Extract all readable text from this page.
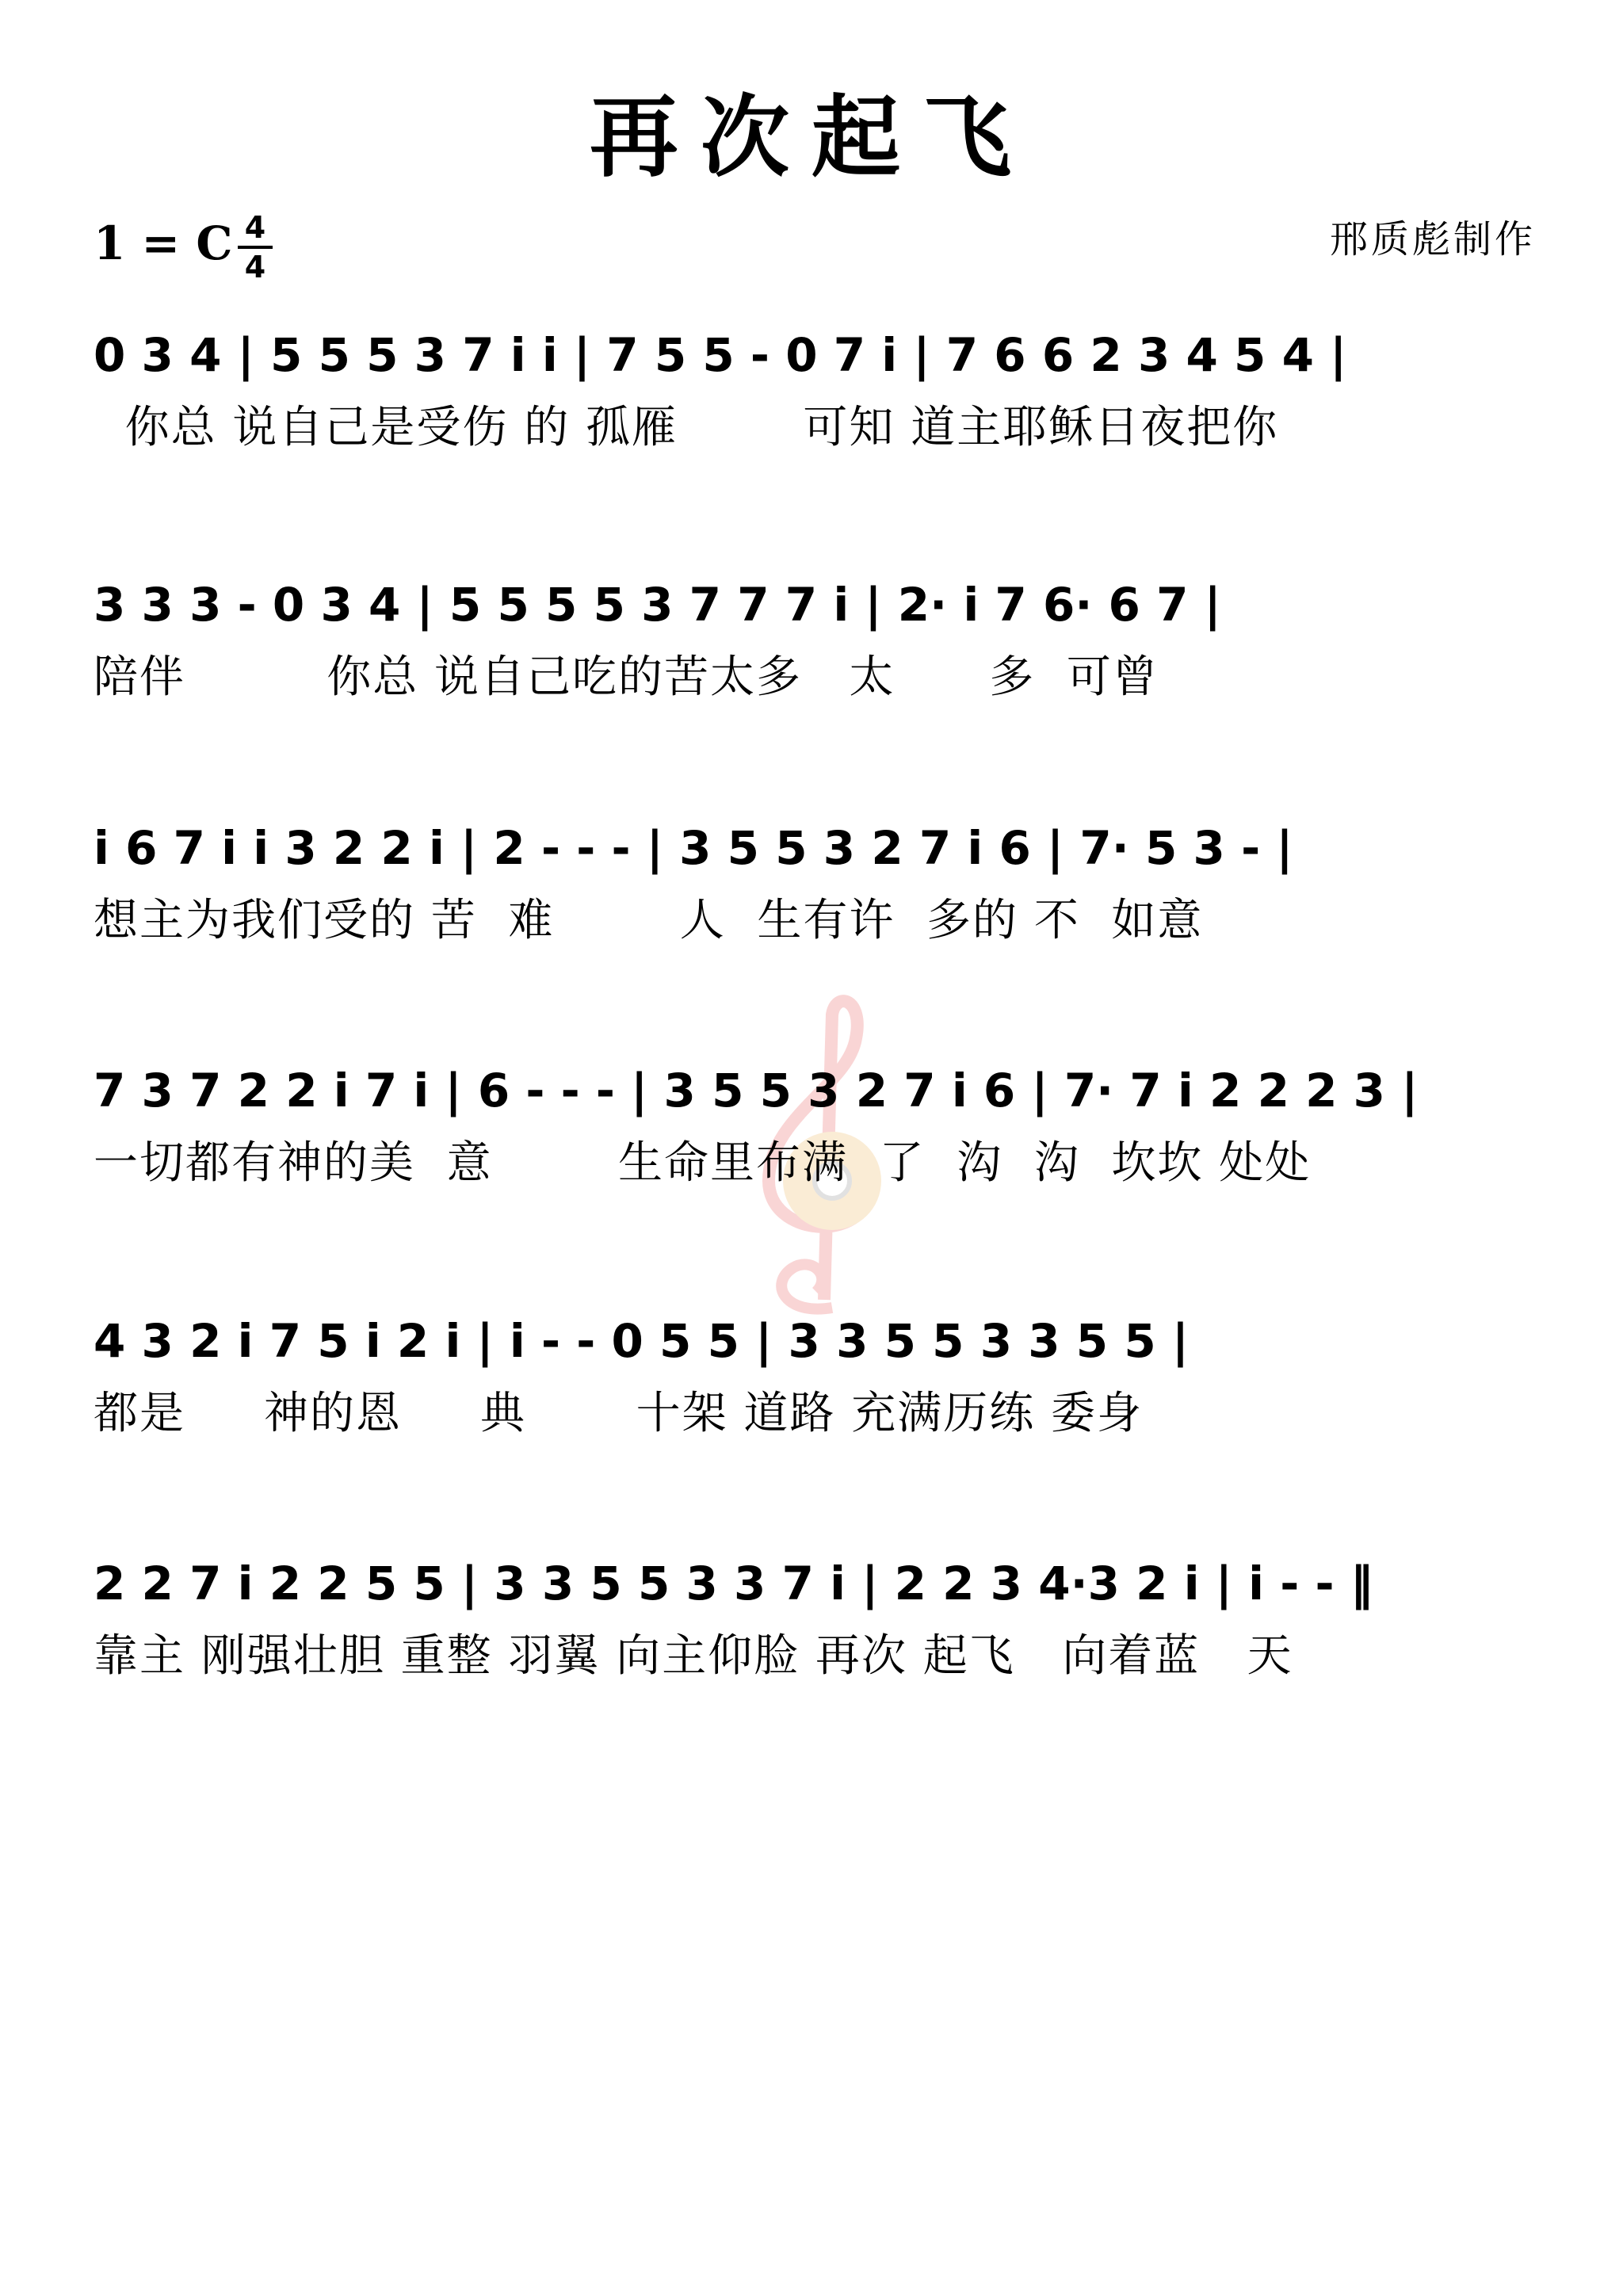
再次起飞
1 = C 4
4
邢质彪制作
0 3 4 | 5 5 5 3 7 i i | 7 5 5 - 0 7 i | 7 6 6 2 3 4 5 4 |
你总 说自己是受伤 的 孤雁        可知 道主耶稣日夜把你
3 3 3 - 0 3 4 | 5 5 5 5 3 7 7 7 i | 2· i 7 6· 6 7 |
陪伴         你总 说自己吃的苦太多   太      多  可曾
i 6 7 i i 3 2 2 i | 2 - - - | 3 5 5 3 2 7 i 6 | 7· 5 3 - |
想主为我们受的 苦  难        人  生有许  多的 不  如意
7 3 7 2 2 i 7 i | 6 - - - | 3 5 5 3 2 7 i 6 | 7· 7 i 2 2 2 3 |
一切都有神的美  意        生命里布满  了  沟  沟  坎坎 处处
4 3 2 i 7 5 i 2 i | i - - 0 5 5 | 3 3 5 5 3 3 5 5 |
都是     神的恩     典       十架 道路 充满历练 委身
2 2 7 i 2 2 5 5 | 3 3 5 5 3 3 7 i | 2 2 3 4·3 2 i | i - - ‖
靠主 刚强壮胆 重整 羽翼 向主仰脸 再次 起飞   向着蓝   天
